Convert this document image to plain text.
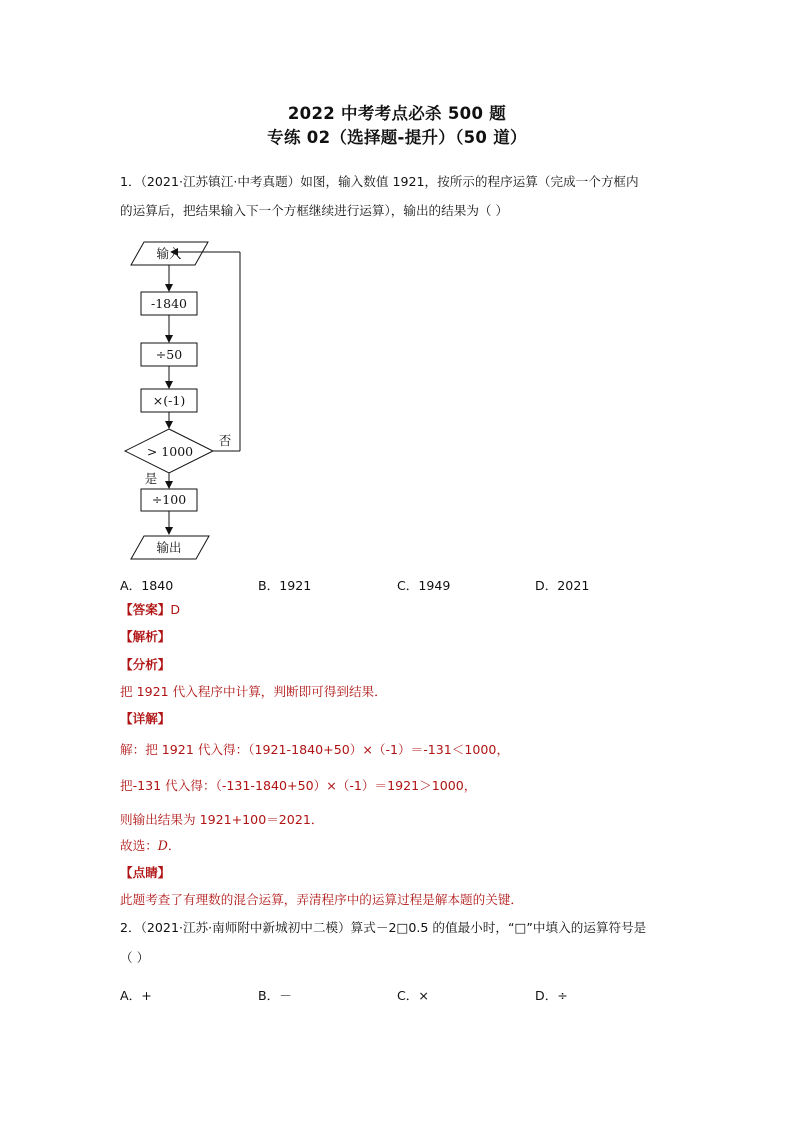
2022 中考考点必杀 500 题
专练 02（选择题-提升）（50 道）
1．（2021·江苏镇江·中考真题）如图，输入数值 1921，按所示的程序运算（完成一个方框内
的运算后，把结果输入下一个方框继续进行运算），输出的结果为（ ）
输入
-1840
÷50
×(-1)
> 1000
否
是
÷100
输出
A．1840	B．1921	C．1949	D．2021
【答案】D
【解析】
【分析】
把 1921 代入程序中计算，判断即可得到结果．
【详解】
解：把 1921 代入得：（1921-1840+50）×（-1）＝-131＜1000，
把-131 代入得：（-131-1840+50）×（-1）＝1921＞1000，
则输出结果为 1921+100＝2021．
故选：D．
【点睛】
此题考查了有理数的混合运算，弄清程序中的运算过程是解本题的关键．
2．（2021·江苏·南师附中新城初中二模）算式－2□0.5 的值最小时，“□”中填入的运算符号是
（ ）
A．+	B．－	C．×	D．÷
